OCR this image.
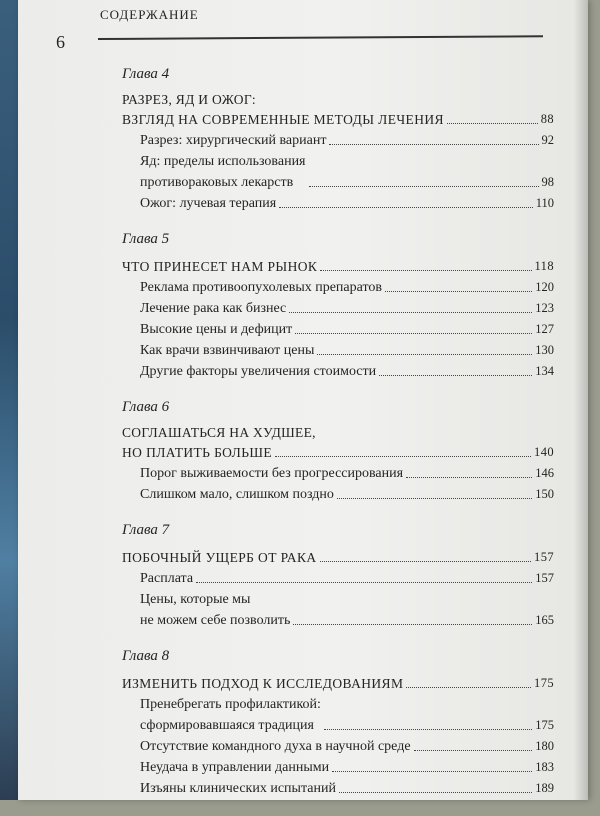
СОДЕРЖАНИЕ
6
Глава 4
РАЗРЕЗ, ЯД И ОЖОГ:
ВЗГЛЯД НА СОВРЕМЕННЫЕ МЕТОДЫ ЛЕЧЕНИЯ	88
Разрез: хирургический вариант	92
Яд: пределы использования
противораковых лекарств	98
Ожог: лучевая терапия	110
Глава 5
ЧТО ПРИНЕСЕТ НАМ РЫНОК	118
Реклама противоопухолевых препаратов	120
Лечение рака как бизнес	123
Высокие цены и дефицит	127
Как врачи взвинчивают цены	130
Другие факторы увеличения стоимости	134
Глава 6
СОГЛАШАТЬСЯ НА ХУДШЕЕ,
НО ПЛАТИТЬ БОЛЬШЕ	140
Порог выживаемости без прогрессирования	146
Слишком мало, слишком поздно	150
Глава 7
ПОБОЧНЫЙ УЩЕРБ ОТ РАКА	157
Расплата	157
Цены, которые мы
не можем себе позволить	165
Глава 8
ИЗМЕНИТЬ ПОДХОД К ИССЛЕДОВАНИЯМ	175
Пренебрегать профилактикой:
сформировавшаяся традиция	175
Отсутствие командного духа в научной среде	180
Неудача в управлении данными	183
Изъяны клинических испытаний	189
